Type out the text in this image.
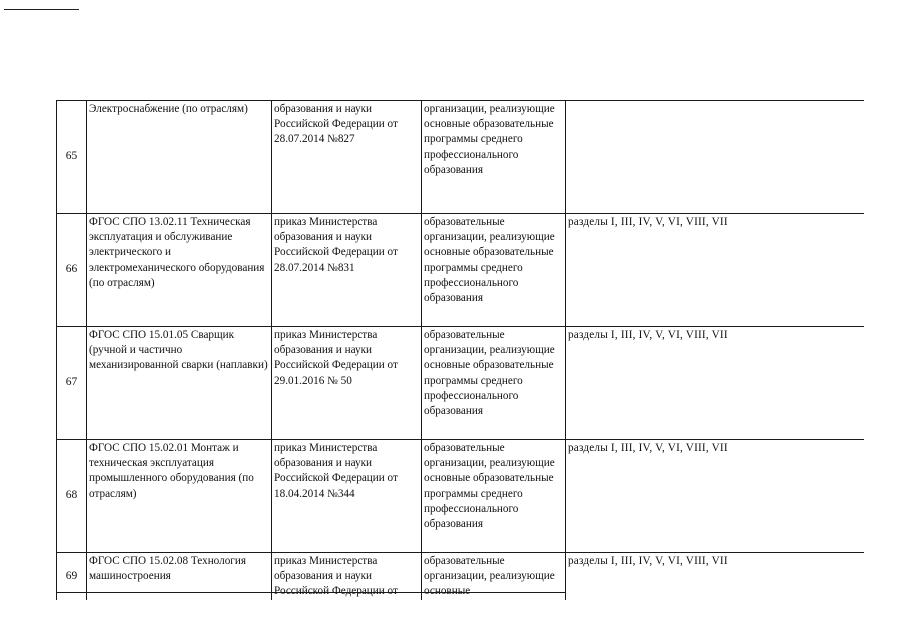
65	Электроснабжение (по отраслям)	образования и науки Российской Федерации от 28.07.2014 №827	организации, реализующие основные образовательные программы среднего профессионального образования	
66	ФГОС СПО 13.02.11 Техническая эксплуатация и обслуживание электрического и электромеханического оборудования (по отраслям)	приказ Министерства образования и науки Российской Федерации от 28.07.2014 №831	образовательные организации, реализующие основные образовательные программы среднего профессионального образования	разделы I, III, IV, V, VI, VIII, VII
67	ФГОС СПО 15.01.05 Сварщик (ручной и частично механизированной сварки (наплавки)	приказ Министерства образования и науки Российской Федерации от 29.01.2016 № 50	образовательные организации, реализующие основные образовательные программы среднего профессионального образования	разделы I, III, IV, V, VI, VIII, VII
68	ФГОС СПО 15.02.01 Монтаж и техническая эксплуатация промышленного оборудования (по отраслям)	приказ Министерства образования и науки Российской Федерации от 18.04.2014 №344	образовательные организации, реализующие основные образовательные программы среднего профессионального образования	разделы I, III, IV, V, VI, VIII, VII
69	ФГОС СПО 15.02.08 Технология машиностроения	приказ Министерства образования и науки Российской Федерации от	образовательные организации, реализующие основные	разделы I, III, IV, V, VI, VIII, VII
